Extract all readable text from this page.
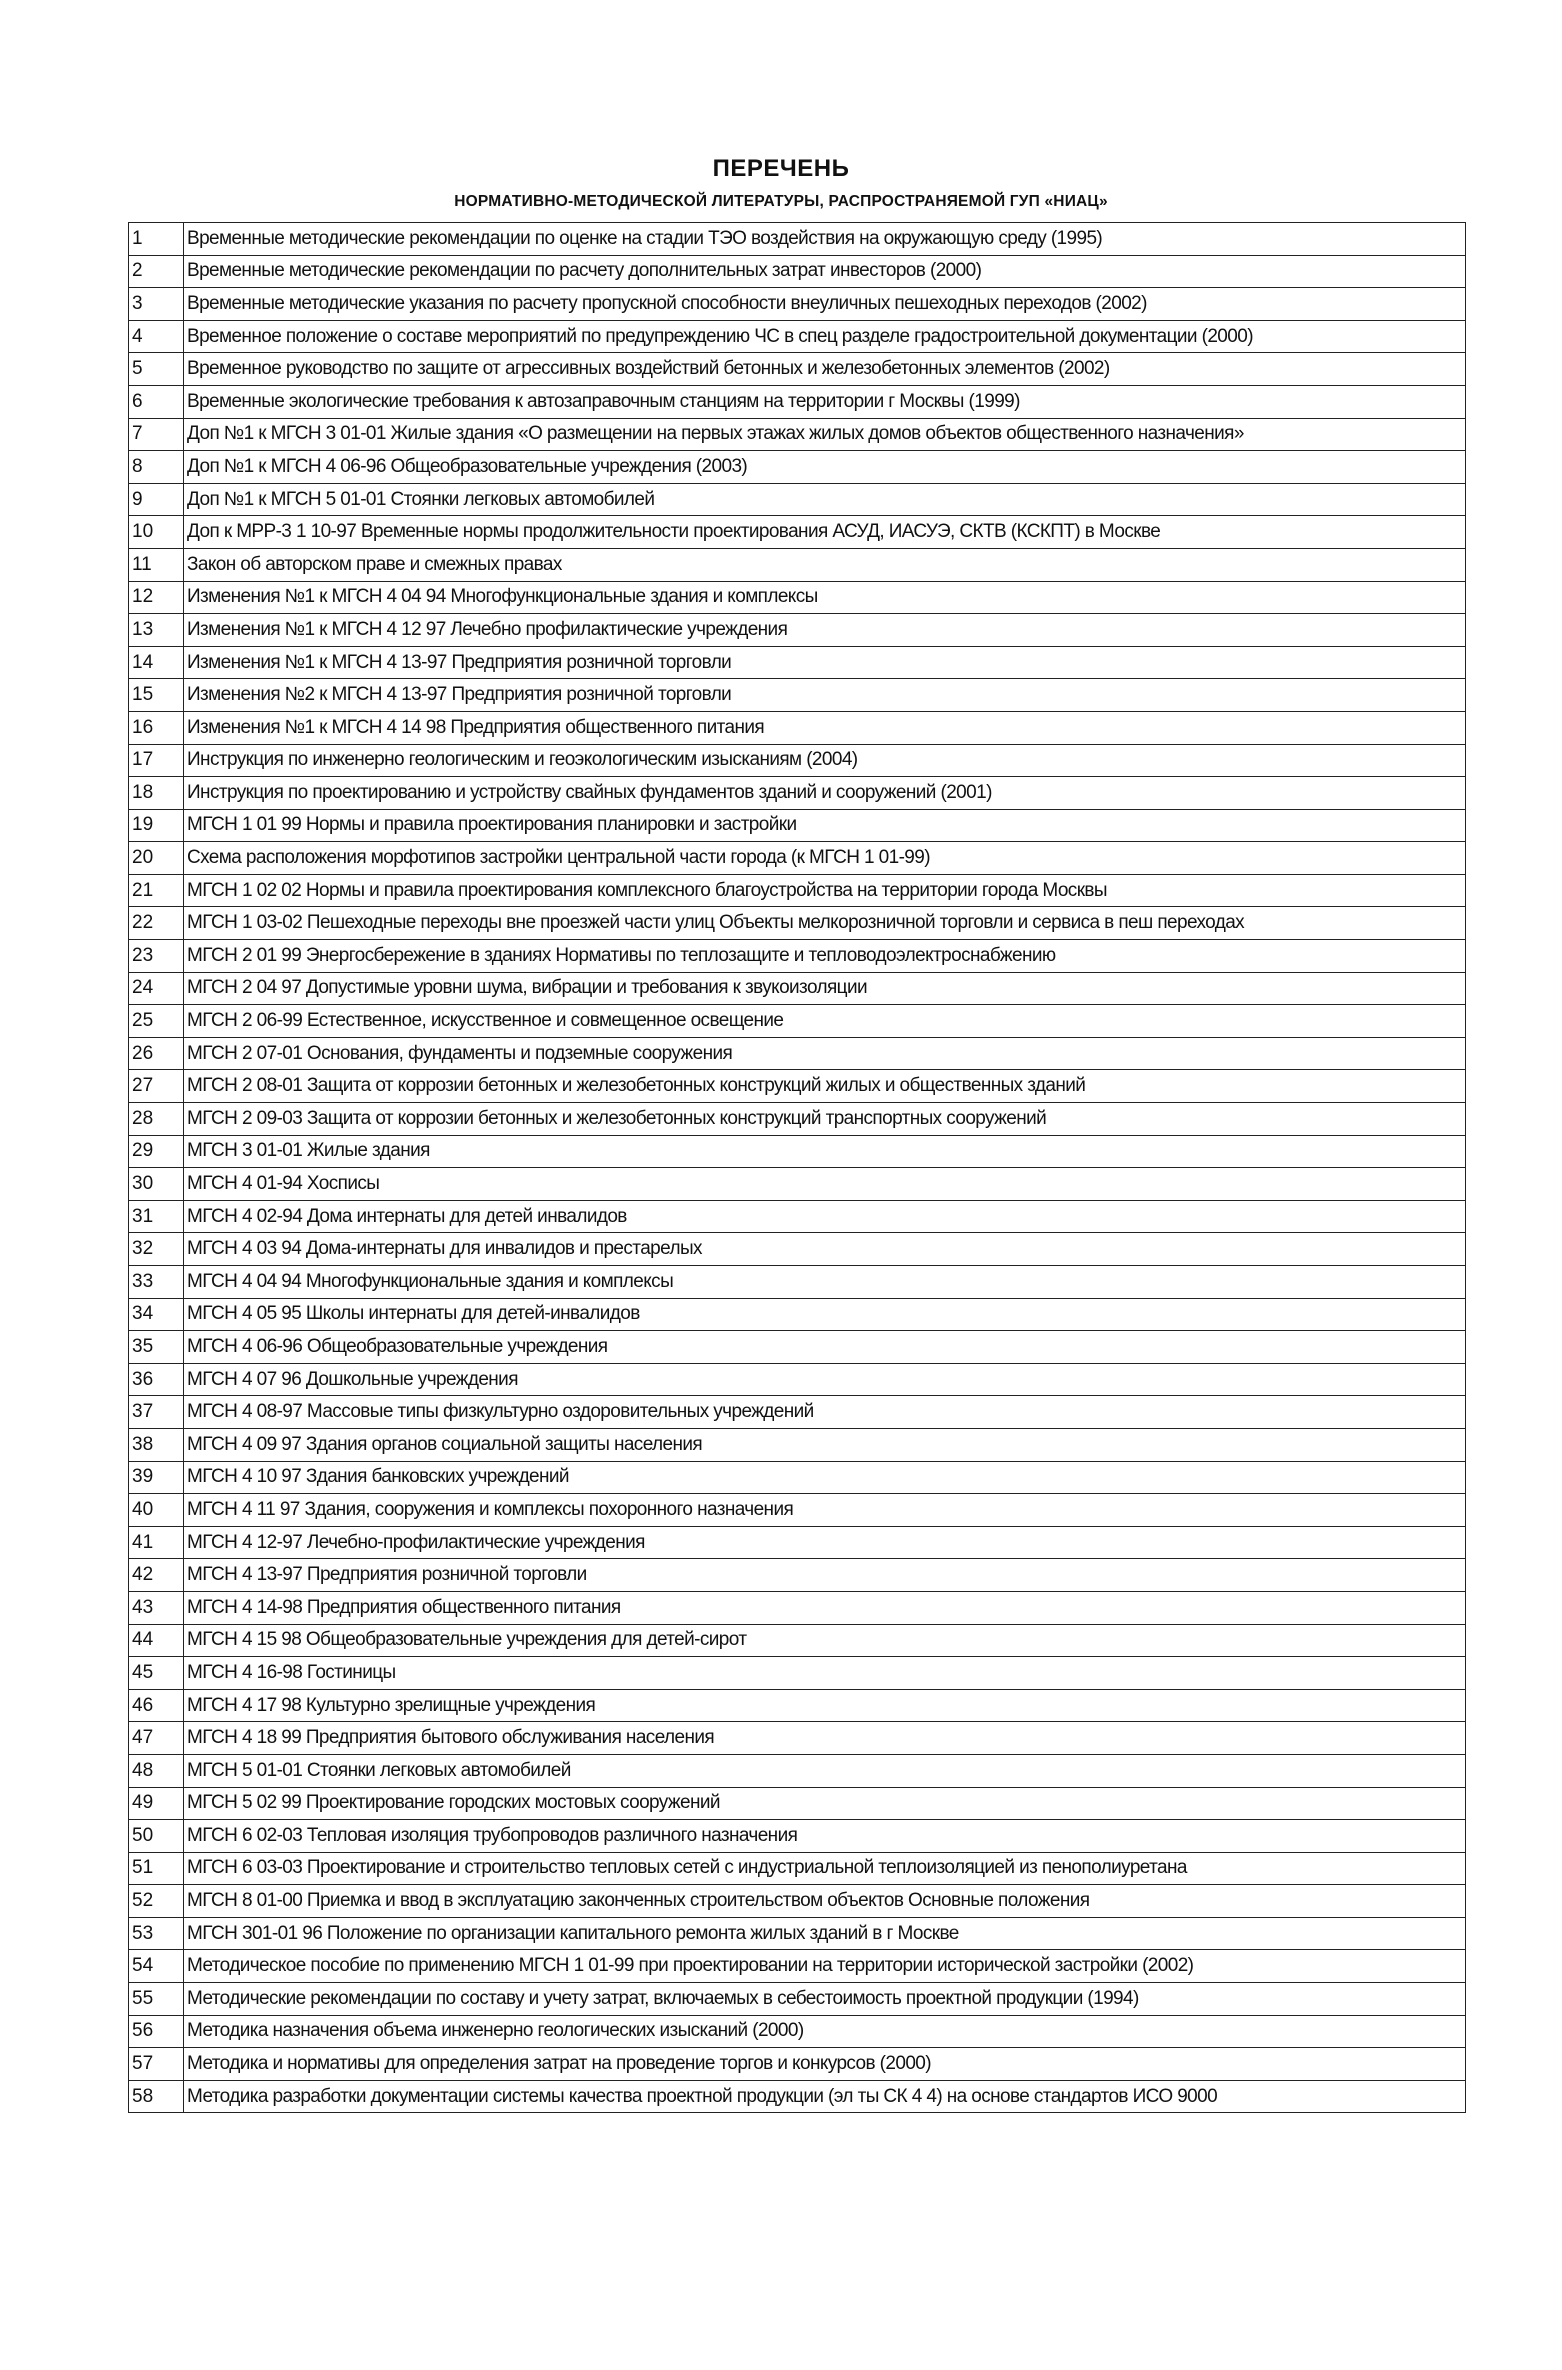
ПЕРЕЧЕНЬ
НОРМАТИВНО-МЕТОДИЧЕСКОЙ ЛИТЕРАТУРЫ, РАСПРОСТРАНЯЕМОЙ ГУП «НИАЦ»
1	Временные методические рекомендации по оценке на стадии ТЭО воздействия на окружающую среду (1995)
2	Временные методические рекомендации по расчету дополнительных затрат инвесторов (2000)
3	Временные методические указания по расчету пропускной способности внеуличных пешеходных переходов (2002)
4	Временное положение о составе мероприятий по предупреждению ЧС в спец разделе градостроительной документации (2000)
5	Временное руководство по защите от агрессивных воздействий бетонных и железобетонных элементов (2002)
6	Временные экологические требования к автозаправочным станциям на территории г Москвы (1999)
7	Доп №1 к МГСН 3 01-01 Жилые здания «О размещении на первых этажах жилых домов объектов общественного назначения»
8	Доп №1 к МГСН 4 06-96 Общеобразовательные учреждения (2003)
9	Доп №1 к МГСН 5 01-01 Стоянки легковых автомобилей
10	Доп к МРР-3 1 10-97 Временные нормы продолжительности проектирования АСУД, ИАСУЭ, СКТВ (КСКПТ) в Москве
11	Закон об авторском праве и смежных правах
12	Изменения №1 к МГСН 4 04 94 Многофункциональные здания и комплексы
13	Изменения №1 к МГСН 4 12 97 Лечебно профилактические учреждения
14	Изменения №1 к МГСН 4 13-97 Предприятия розничной торговли
15	Изменения №2 к МГСН 4 13-97 Предприятия розничной торговли
16	Изменения №1 к МГСН 4 14 98 Предприятия общественного питания
17	Инструкция по инженерно геологическим и геоэкологическим изысканиям (2004)
18	Инструкция по проектированию и устройству свайных фундаментов зданий и сооружений (2001)
19	МГСН 1 01 99 Нормы и правила проектирования планировки и застройки
20	Схема расположения морфотипов застройки центральной части города (к МГСН 1 01-99)
21	МГСН 1 02 02 Нормы и правила проектирования комплексного благоустройства на территории города Москвы
22	МГСН 1 03-02 Пешеходные переходы вне проезжей части улиц Объекты мелкорозничной торговли и сервиса в пеш переходах
23	МГСН 2 01 99 Энергосбережение в зданиях Нормативы по теплозащите и тепловодоэлектроснабжению
24	МГСН 2 04 97 Допустимые уровни шума, вибрации и требования к звукоизоляции
25	МГСН 2 06-99 Естественное, искусственное и совмещенное освещение
26	МГСН 2 07-01 Основания, фундаменты и подземные сооружения
27	МГСН 2 08-01 Защита от коррозии бетонных и железобетонных конструкций жилых и общественных зданий
28	МГСН 2 09-03 Защита от коррозии бетонных и железобетонных конструкций транспортных сооружений
29	МГСН 3 01-01 Жилые здания
30	МГСН 4 01-94 Хосписы
31	МГСН 4 02-94 Дома интернаты для детей инвалидов
32	МГСН 4 03 94 Дома-интернаты для инвалидов и престарелых
33	МГСН 4 04 94 Многофункциональные здания и комплексы
34	МГСН 4 05 95 Школы интернаты для детей-инвалидов
35	МГСН 4 06-96 Общеобразовательные учреждения
36	МГСН 4 07 96 Дошкольные учреждения
37	МГСН 4 08-97 Массовые типы физкультурно оздоровительных учреждений
38	МГСН 4 09 97 Здания органов социальной защиты населения
39	МГСН 4 10 97 Здания банковских учреждений
40	МГСН 4 11 97 Здания, сооружения и комплексы похоронного назначения
41	МГСН 4 12-97 Лечебно-профилактические учреждения
42	МГСН 4 13-97 Предприятия розничной торговли
43	МГСН 4 14-98 Предприятия общественного питания
44	МГСН 4 15 98 Общеобразовательные учреждения для детей-сирот
45	МГСН 4 16-98 Гостиницы
46	МГСН 4 17 98 Культурно зрелищные учреждения
47	МГСН 4 18 99 Предприятия бытового обслуживания населения
48	МГСН 5 01-01 Стоянки легковых автомобилей
49	МГСН 5 02 99 Проектирование городских мостовых сооружений
50	МГСН 6 02-03 Тепловая изоляция трубопроводов различного назначения
51	МГСН 6 03-03 Проектирование и строительство тепловых сетей с индустриальной теплоизоляцией из пенополиуретана
52	МГСН 8 01-00 Приемка и ввод в эксплуатацию законченных строительством объектов Основные положения
53	МГСН 301-01 96 Положение по организации капитального ремонта жилых зданий в г Москве
54	Методическое пособие по применению МГСН 1 01-99 при проектировании на территории исторической застройки (2002)
55	Методические рекомендации по составу и учету затрат, включаемых в себестоимость проектной продукции (1994)
56	Методика назначения объема инженерно геологических изысканий (2000)
57	Методика и нормативы для определения затрат на проведение торгов и конкурсов (2000)
58	Методика разработки документации системы качества проектной продукции (эл ты СК 4 4) на основе стандартов ИСО 9000
